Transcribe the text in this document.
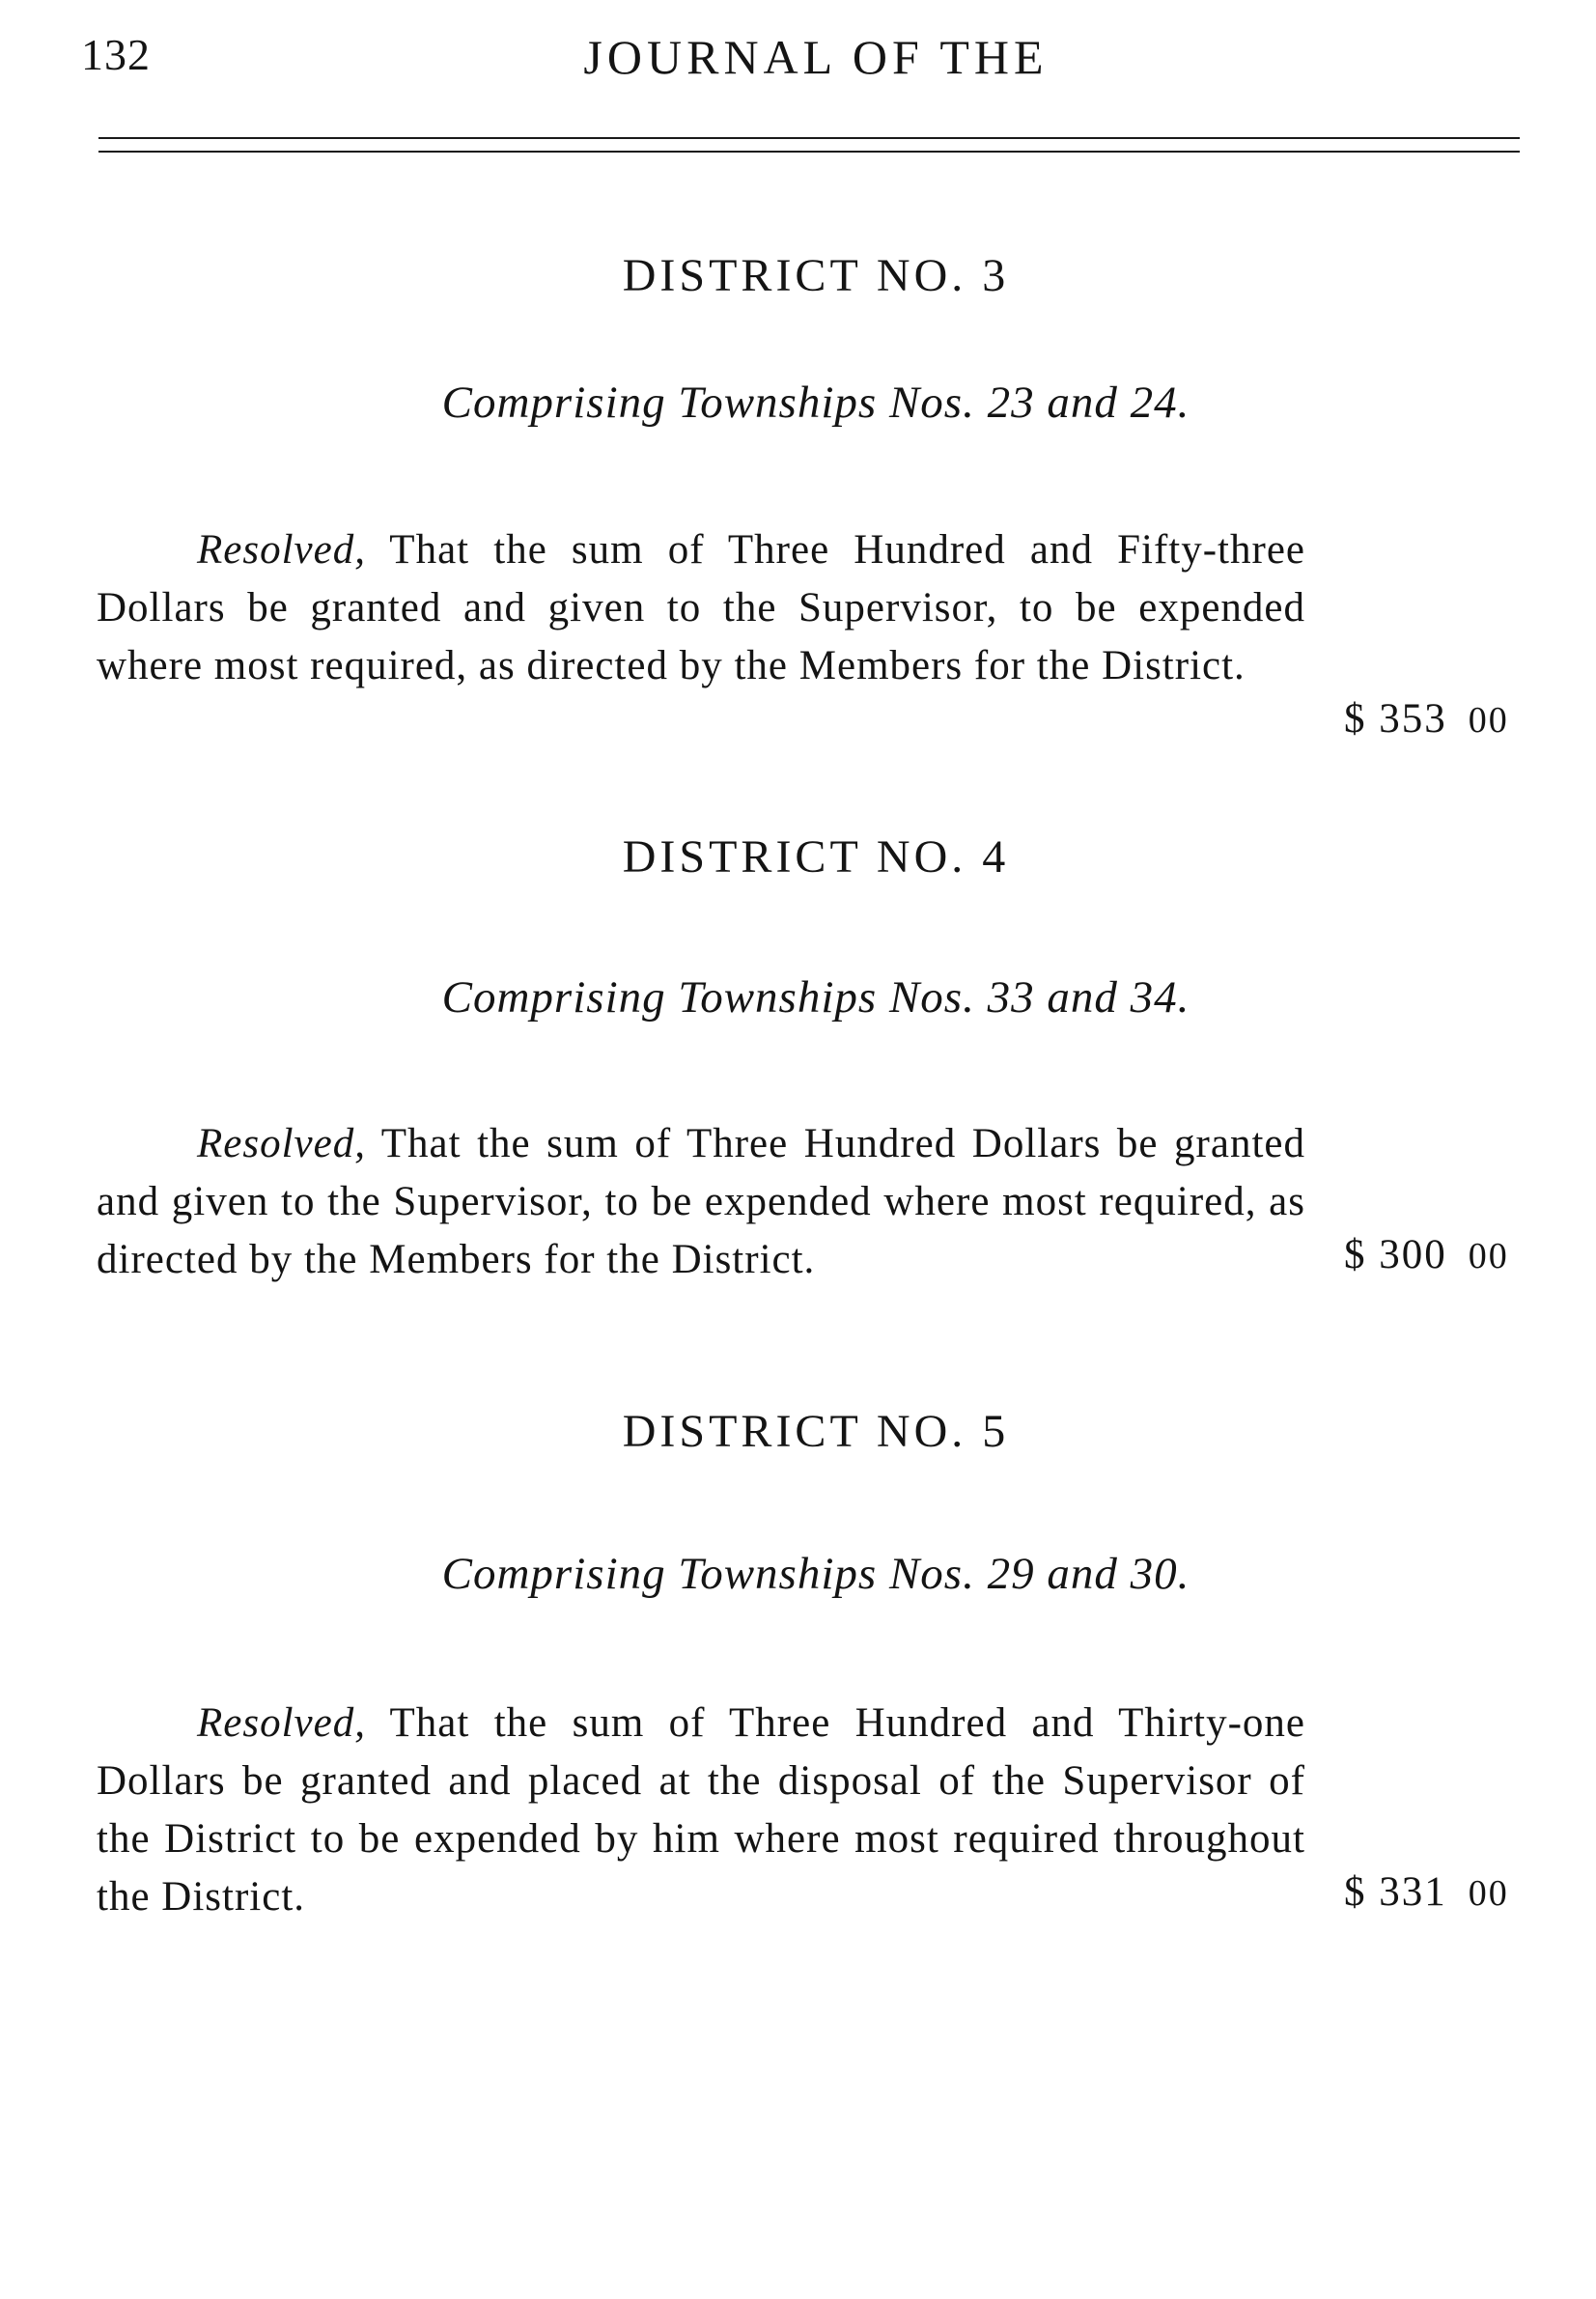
132	JOURNAL OF THE
DISTRICT NO. 3
Comprising Townships Nos. 23 and 24.
Resolved, That the sum of Three Hundred and Fifty-three Dollars be granted and given to the Supervisor, to be expended where most required, as directed by the Members for the District.
$ 353 00
DISTRICT NO. 4
Comprising Townships Nos. 33 and 34.
Resolved, That the sum of Three Hundred Dollars be granted and given to the Supervisor, to be expended where most required, as directed by the Members for the District.	$ 300 00
DISTRICT NO. 5
Comprising Townships Nos. 29 and 30.
Resolved, That the sum of Three Hundred and Thirty-one Dollars be granted and placed at the disposal of the Supervisor of the District to be expended by him where most required throughout the District.	$ 331 00
